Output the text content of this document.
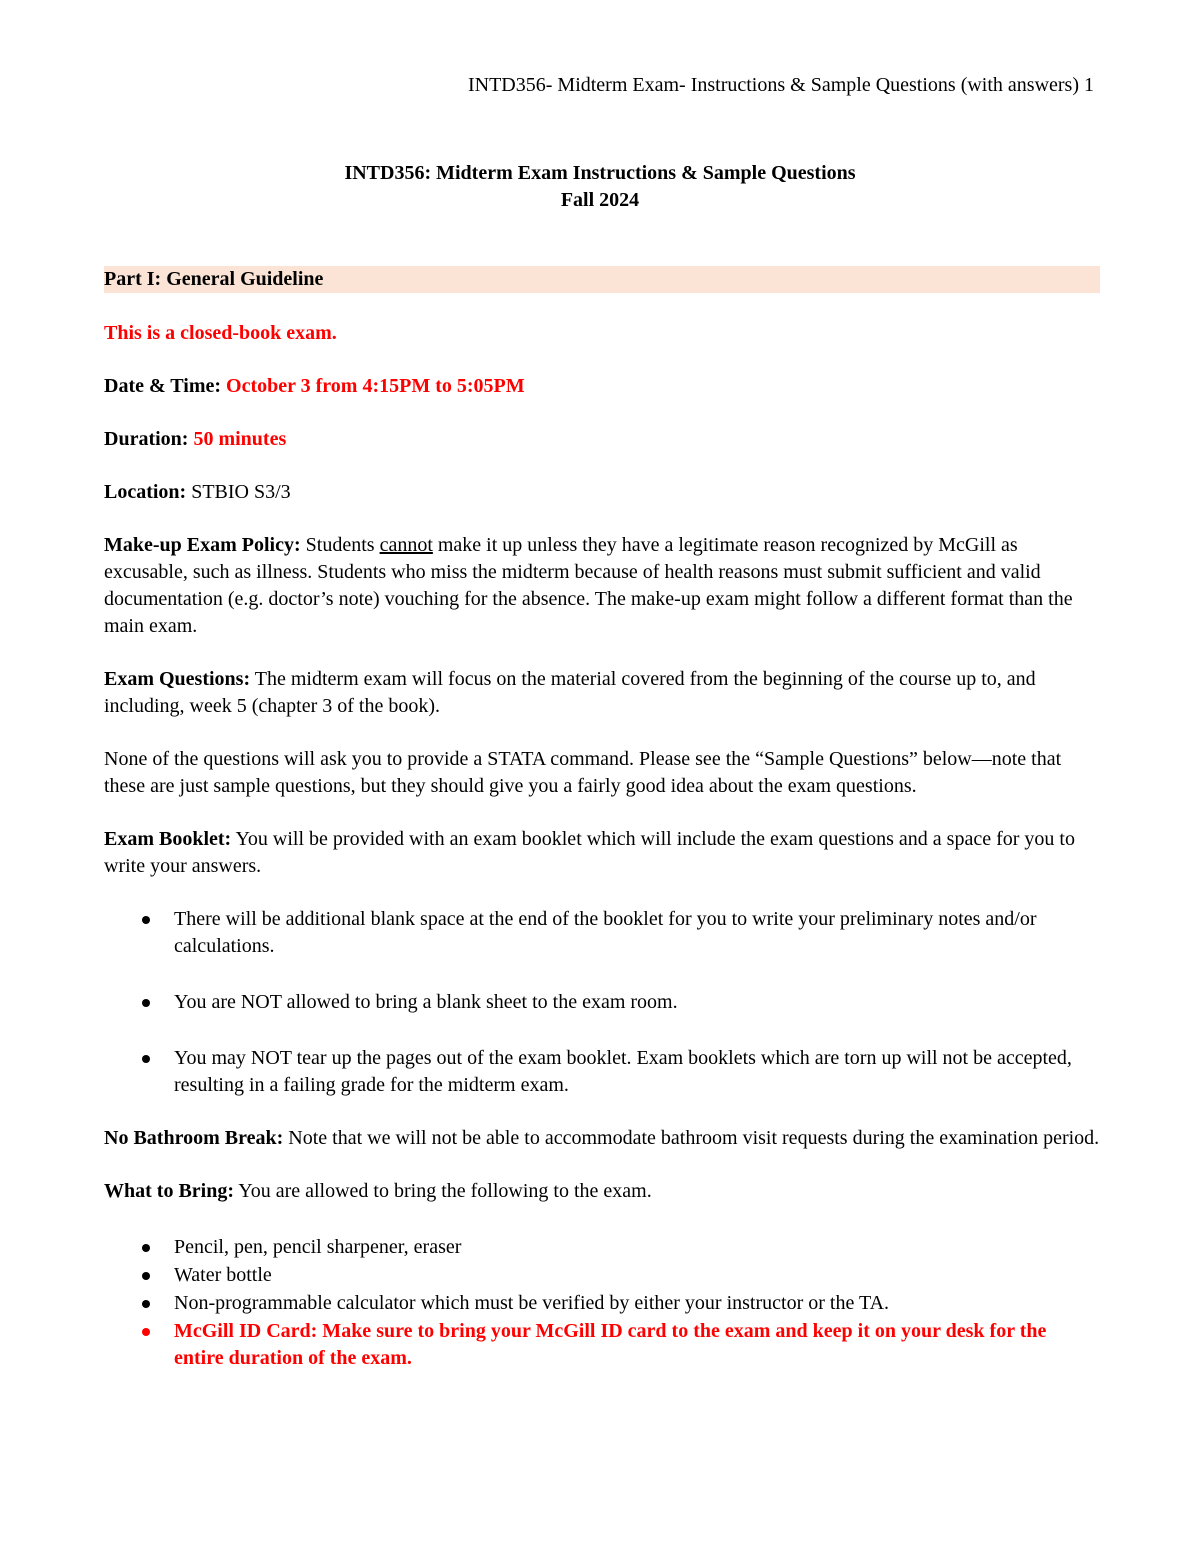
INTD356- Midterm Exam- Instructions & Sample Questions (with answers) 1
INTD356: Midterm Exam Instructions & Sample Questions
Fall 2024
Part I: General Guideline

This is a closed-book exam.

Date & Time: October 3 from 4:15PM to 5:05PM

Duration: 50 minutes

Location: STBIO S3/3

Make-up Exam Policy: Students cannot make it up unless they have a legitimate reason recognized by McGill as excusable, such as illness. Students who miss the midterm because of health reasons must submit sufficient and valid documentation (e.g. doctor’s note) vouching for the absence. The make-up exam might follow a different format than the main exam.

Exam Questions: The midterm exam will focus on the material covered from the beginning of the course up to, and including, week 5 (chapter 3 of the book).

None of the questions will ask you to provide a STATA command. Please see the “Sample Questions” below—note that these are just sample questions, but they should give you a fairly good idea about the exam questions.

Exam Booklet: You will be provided with an exam booklet which will include the exam questions and a space for you to write your answers.

There will be additional blank space at the end of the booklet for you to write your preliminary notes and/or calculations.
You are NOT allowed to bring a blank sheet to the exam room.
You may NOT tear up the pages out of the exam booklet. Exam booklets which are torn up will not be accepted, resulting in a failing grade for the midterm exam.

No Bathroom Break: Note that we will not be able to accommodate bathroom visit requests during the examination period.

What to Bring: You are allowed to bring the following to the exam.

Pencil, pen, pencil sharpener, eraser
Water bottle
Non-programmable calculator which must be verified by either your instructor or the TA.
McGill ID Card: Make sure to bring your McGill ID card to the exam and keep it on your desk for the entire duration of the exam.
